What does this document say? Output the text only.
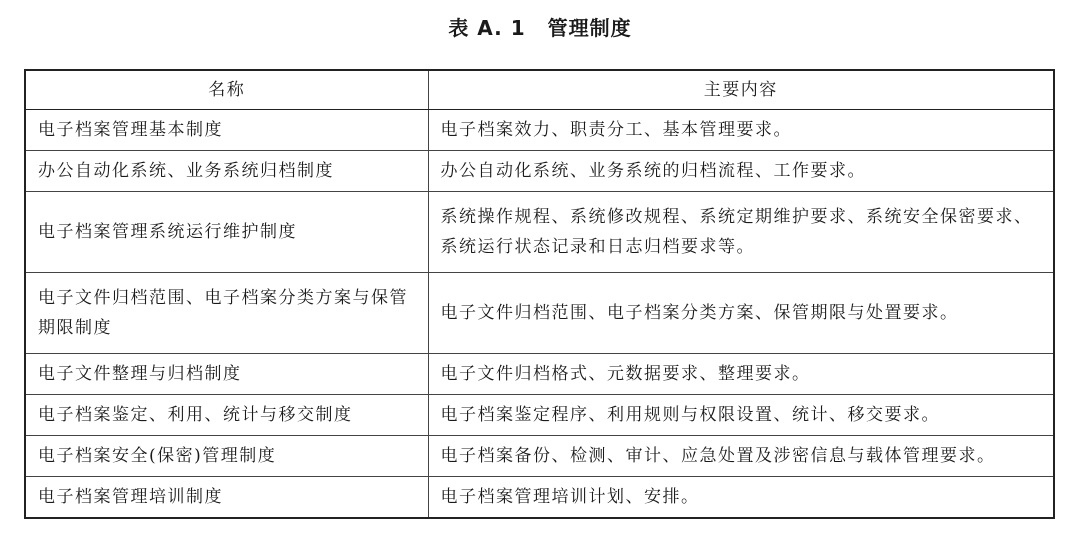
表 A. 1 管理制度
名称	主要内容
电子档案管理基本制度	电子档案效力、职责分工、基本管理要求。
办公自动化系统、业务系统归档制度	办公自动化系统、业务系统的归档流程、工作要求。
电子档案管理系统运行维护制度	系统操作规程、系统修改规程、系统定期维护要求、系统安全保密要求、系统运行状态记录和日志归档要求等。
电子文件归档范围、电子档案分类方案与保管期限制度	电子文件归档范围、电子档案分类方案、保管期限与处置要求。
电子文件整理与归档制度	电子文件归档格式、元数据要求、整理要求。
电子档案鉴定、利用、统计与移交制度	电子档案鉴定程序、利用规则与权限设置、统计、移交要求。
电子档案安全(保密)管理制度	电子档案备份、检测、审计、应急处置及涉密信息与载体管理要求。
电子档案管理培训制度	电子档案管理培训计划、安排。
